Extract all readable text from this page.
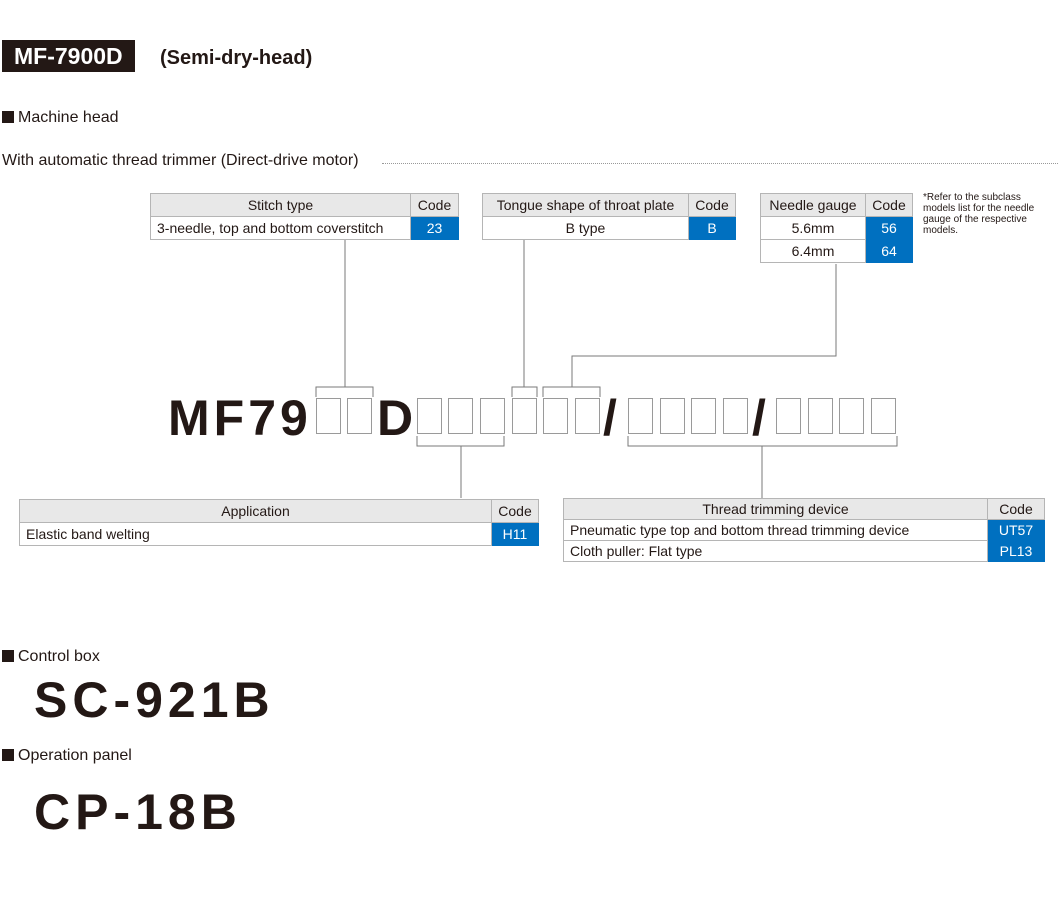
MF-7900D	(Semi-dry-head)
Machine head
With automatic thread trimmer (Direct-drive motor)
Stitch type	Code
3-needle, top and bottom coverstitch	23
Tongue shape of throat plate	Code
B type	B
Needle gauge	Code
5.6mm	56
6.4mm	64
*Refer to the subclass models list for the needle gauge of the respective models.
MF79 D	/	/
Application	Code
Elastic band welting	H11
Thread trimming device	Code
Pneumatic type top and bottom thread trimming device	UT57
Cloth puller: Flat type	PL13
Control box
SC-921B
Operation panel
CP-18B
